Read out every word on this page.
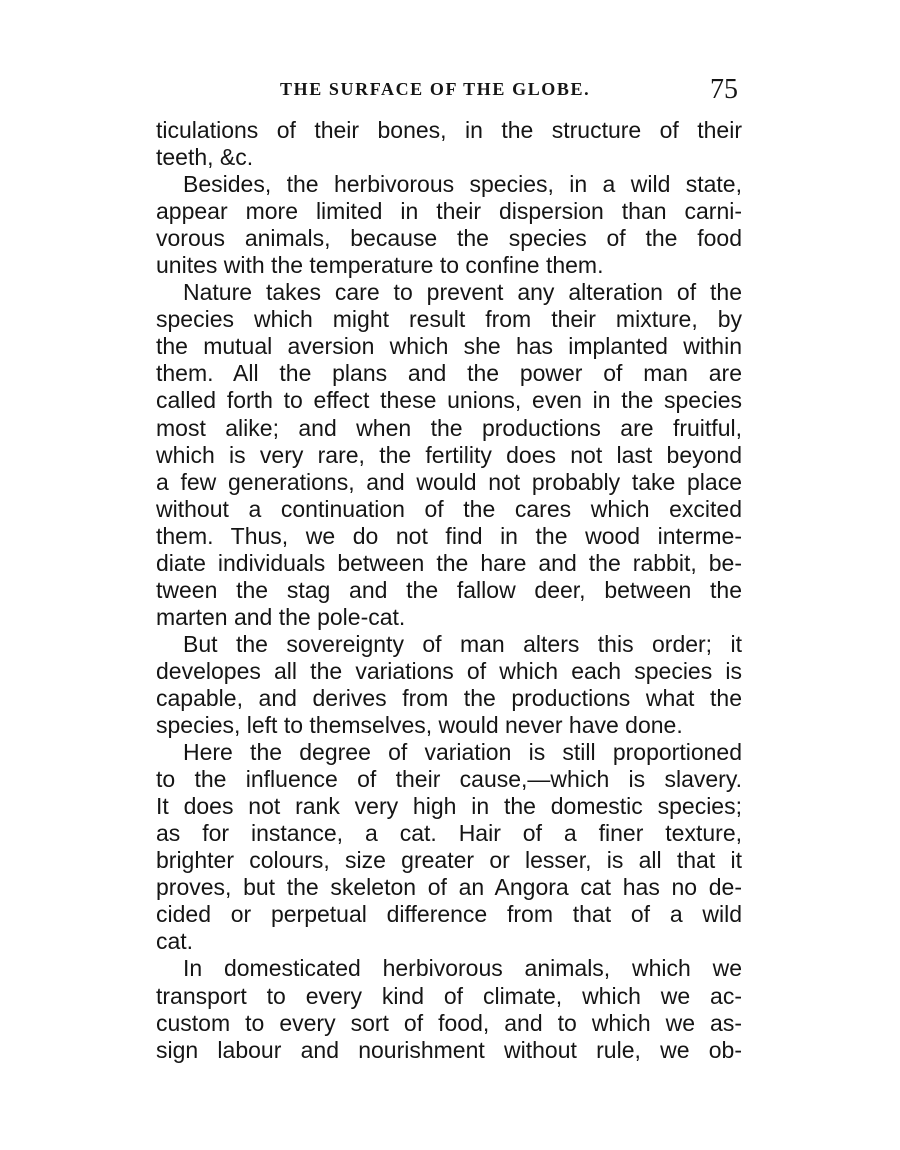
THE SURFACE OF THE GLOBE.	75
ticulations of their bones, in the structure of their
teeth, &c.
Besides, the herbivorous species, in a wild state,
appear more limited in their dispersion than carni-
vorous animals, because the species of the food
unites with the temperature to confine them.
Nature takes care to prevent any alteration of the
species which might result from their mixture, by
the mutual aversion which she has implanted within
them. All the plans and the power of man are
called forth to effect these unions, even in the species
most alike; and when the productions are fruitful,
which is very rare, the fertility does not last beyond
a few generations, and would not probably take place
without a continuation of the cares which excited
them. Thus, we do not find in the wood interme-
diate individuals between the hare and the rabbit, be-
tween the stag and the fallow deer, between the
marten and the pole-cat.
But the sovereignty of man alters this order; it
developes all the variations of which each species is
capable, and derives from the productions what the
species, left to themselves, would never have done.
Here the degree of variation is still proportioned
to the influence of their cause,—which is slavery.
It does not rank very high in the domestic species;
as for instance, a cat. Hair of a finer texture,
brighter colours, size greater or lesser, is all that it
proves, but the skeleton of an Angora cat has no de-
cided or perpetual difference from that of a wild
cat.
In domesticated herbivorous animals, which we
transport to every kind of climate, which we ac-
custom to every sort of food, and to which we as-
sign labour and nourishment without rule, we ob-
